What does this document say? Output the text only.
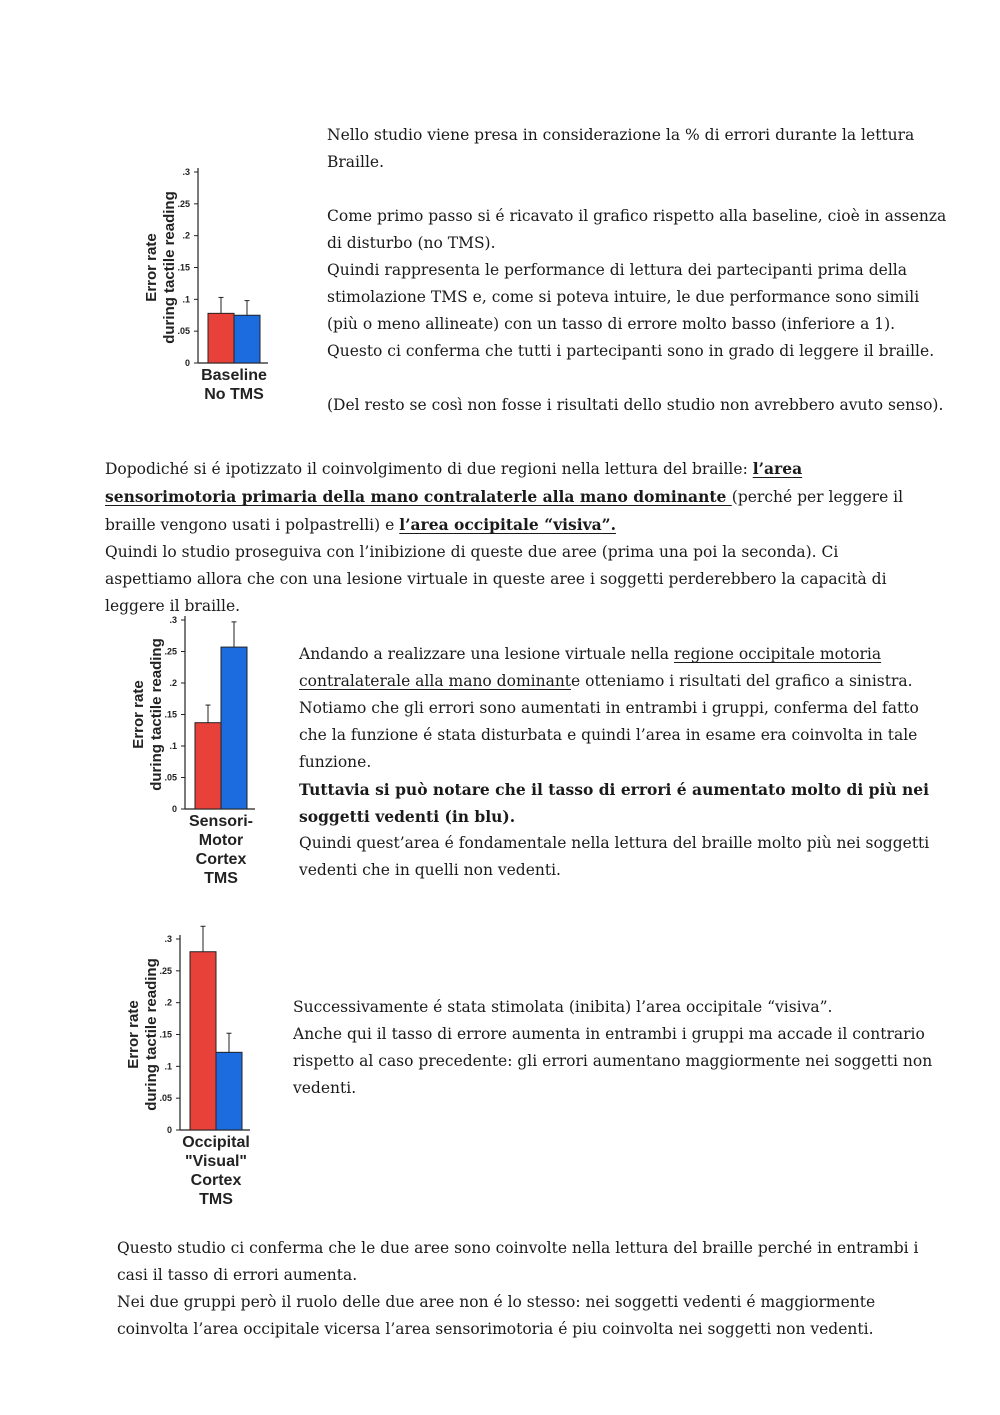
Nello studio viene presa in considerazione la % di errori durante la lettura Braille.

Come primo passo si é ricavato il grafico rispetto alla baseline, cioè in assenza di disturbo (no TMS).

Quindi rappresenta le performance di lettura dei partecipanti prima della stimolazione TMS e, come si poteva intuire, le due performance sono simili (più o meno allineate) con un tasso di errore molto basso (inferiore a 1).

Questo ci conferma che tutti i partecipanti sono in grado di leggere il braille.

(Del resto se così non fosse i risultati dello studio non avrebbero avuto senso).

Dopodiché si é ipotizzato il coinvolgimento di due regioni nella lettura del braille: l’area sensorimotoria primaria della mano contralaterle alla mano dominante (perché per leggere il braille vengono usati i polpastrelli) e l’area occipitale “visiva”.

Quindi lo studio proseguiva con l’inibizione di queste due aree (prima una poi la seconda). Ci aspettiamo allora che con una lesione virtuale in queste aree i soggetti perderebbero la capacità di leggere il braille.

Andando a realizzare una lesione virtuale nella regione occipitale motoria contralaterale alla mano dominante otteniamo i risultati del grafico a sinistra.

Notiamo che gli errori sono aumentati in entrambi i gruppi, conferma del fatto che la funzione é stata disturbata e quindi l’area in esame era coinvolta in tale funzione.

Tuttavia si può notare che il tasso di errori é aumentato molto di più nei soggetti vedenti (in blu).

Quindi quest’area é fondamentale nella lettura del braille molto più nei soggetti vedenti che in quelli non vedenti.

Successivamente é stata stimolata (inibita) l’area occipitale “visiva”.

Anche qui il tasso di errore aumenta in entrambi i gruppi ma accade il contrario rispetto al caso precedente: gli errori aumentano maggiormente nei soggetti non vedenti.

Questo studio ci conferma che le due aree sono coinvolte nella lettura del braille perché in entrambi i casi il tasso di errori aumenta.

Nei due gruppi però il ruolo delle due aree non é lo stesso: nei soggetti vedenti é maggiormente coinvolta l’area occipitale vicersa l’area sensorimotoria é piu coinvolta nei soggetti non vedenti.

0
.05
.1
.15
.2
.25
.3
Error rate during tactile reading
Baseline
No TMS
0
.05
.1
.15
.2
.25
.3
Error rate during tactile reading
Sensori-
Motor
Cortex
TMS
0
.05
.1
.15
.2
.25
.3
Error rate during tactile reading
Occipital
"Visual"
Cortex
TMS
